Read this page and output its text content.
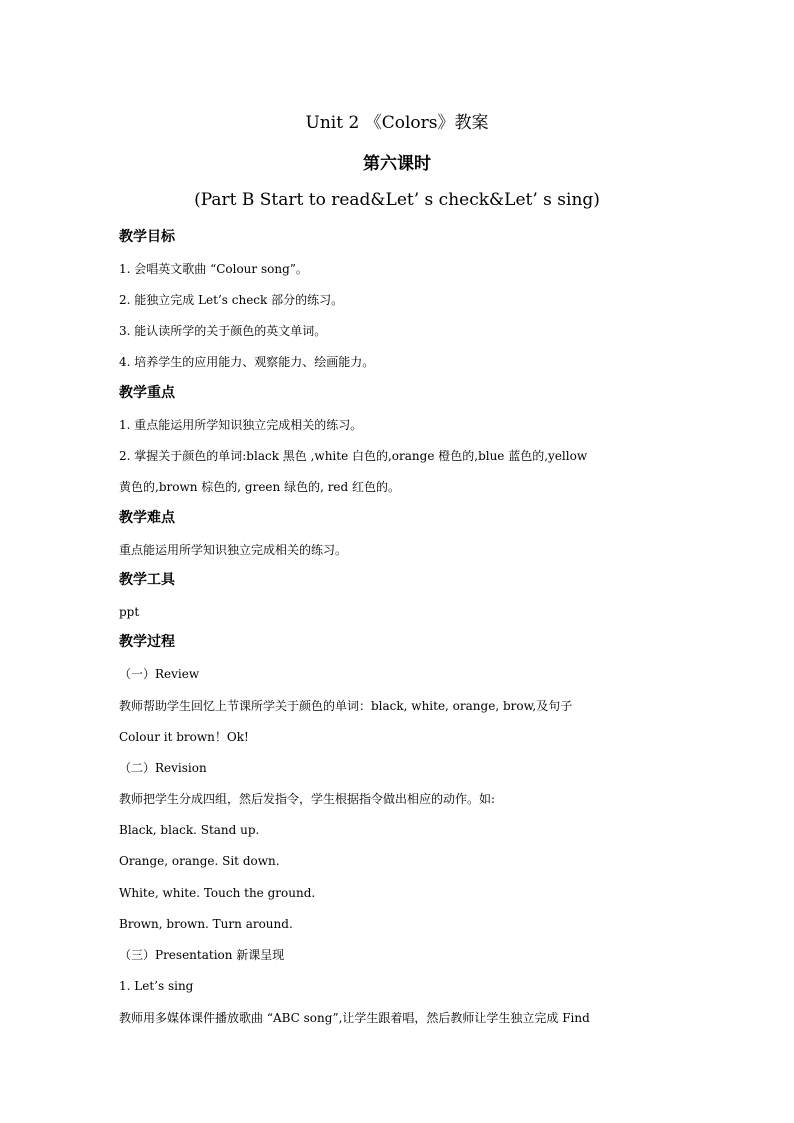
Unit 2 《Colors》教案
第六课时
(Part B Start to read&Let’ s check&Let’ s sing)
教学目标
1. 会唱英文歌曲 “Colour song”。
2. 能独立完成 Let’s check 部分的练习。
3. 能认读所学的关于颜色的英文单词。
4. 培养学生的应用能力、观察能力、绘画能力。
教学重点
1. 重点能运用所学知识独立完成相关的练习。
2. 掌握关于颜色的单词:black 黑色 ,white 白色的,orange 橙色的,blue 蓝色的,yellow
黄色的,brown 棕色的, green 绿色的, red 红色的。
教学难点
重点能运用所学知识独立完成相关的练习。
教学工具
ppt
教学过程
（一）Review
教师帮助学生回忆上节课所学关于颜色的单词：black, white, orange, brow,及句子
Colour it brown！Ok!
（二）Revision
教师把学生分成四组，然后发指令，学生根据指令做出相应的动作。如:
Black, black. Stand up.
Orange, orange. Sit down.
White, white. Touch the ground.
Brown, brown. Turn around.
（三）Presentation 新课呈现
1. Let’s sing
教师用多媒体课件播放歌曲 “ABC song”,让学生跟着唱，然后教师让学生独立完成 Find
